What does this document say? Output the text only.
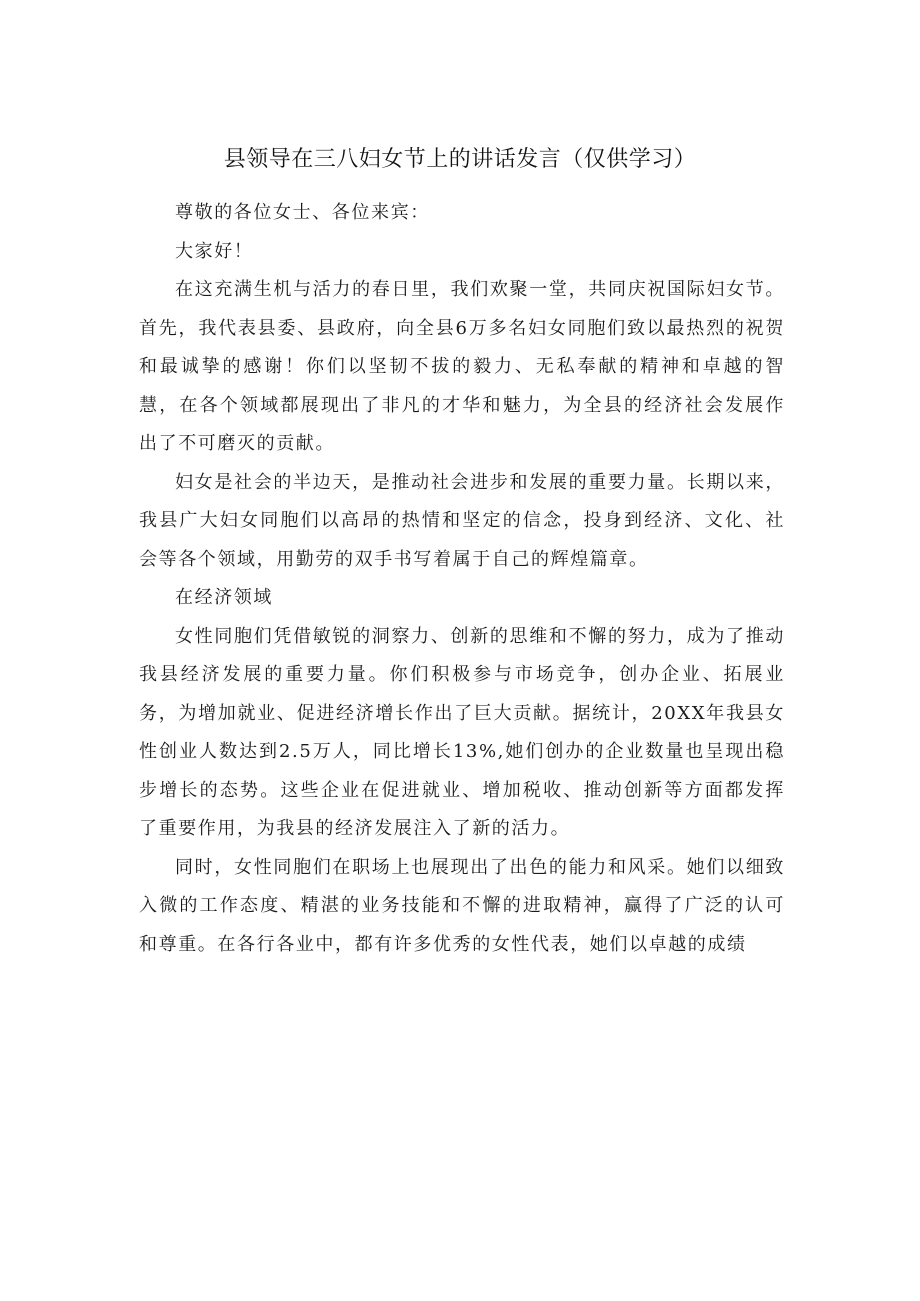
县领导在三八妇女节上的讲话发言（仅供学习）

尊敬的各位女士、各位来宾：

大家好！

在这充满生机与活力的春日里，我们欢聚一堂，共同庆祝国际妇女节。首先，我代表县委、县政府，向全县6万多名妇女同胞们致以最热烈的祝贺和最诚挚的感谢！你们以坚韧不拔的毅力、无私奉献的精神和卓越的智慧，在各个领域都展现出了非凡的才华和魅力，为全县的经济社会发展作出了不可磨灭的贡献。

妇女是社会的半边天，是推动社会进步和发展的重要力量。长期以来，我县广大妇女同胞们以高昂的热情和坚定的信念，投身到经济、文化、社会等各个领域，用勤劳的双手书写着属于自己的辉煌篇章。

在经济领域

女性同胞们凭借敏锐的洞察力、创新的思维和不懈的努力，成为了推动我县经济发展的重要力量。你们积极参与市场竞争，创办企业、拓展业务，为增加就业、促进经济增长作出了巨大贡献。据统计，20XX年我县女性创业人数达到2.5万人，同比增长13%,她们创办的企业数量也呈现出稳步增长的态势。这些企业在促进就业、增加税收、推动创新等方面都发挥了重要作用，为我县的经济发展注入了新的活力。

同时，女性同胞们在职场上也展现出了出色的能力和风采。她们以细致入微的工作态度、精湛的业务技能和不懈的进取精神，赢得了广泛的认可和尊重。在各行各业中，都有许多优秀的女性代表，她们以卓越的成绩
